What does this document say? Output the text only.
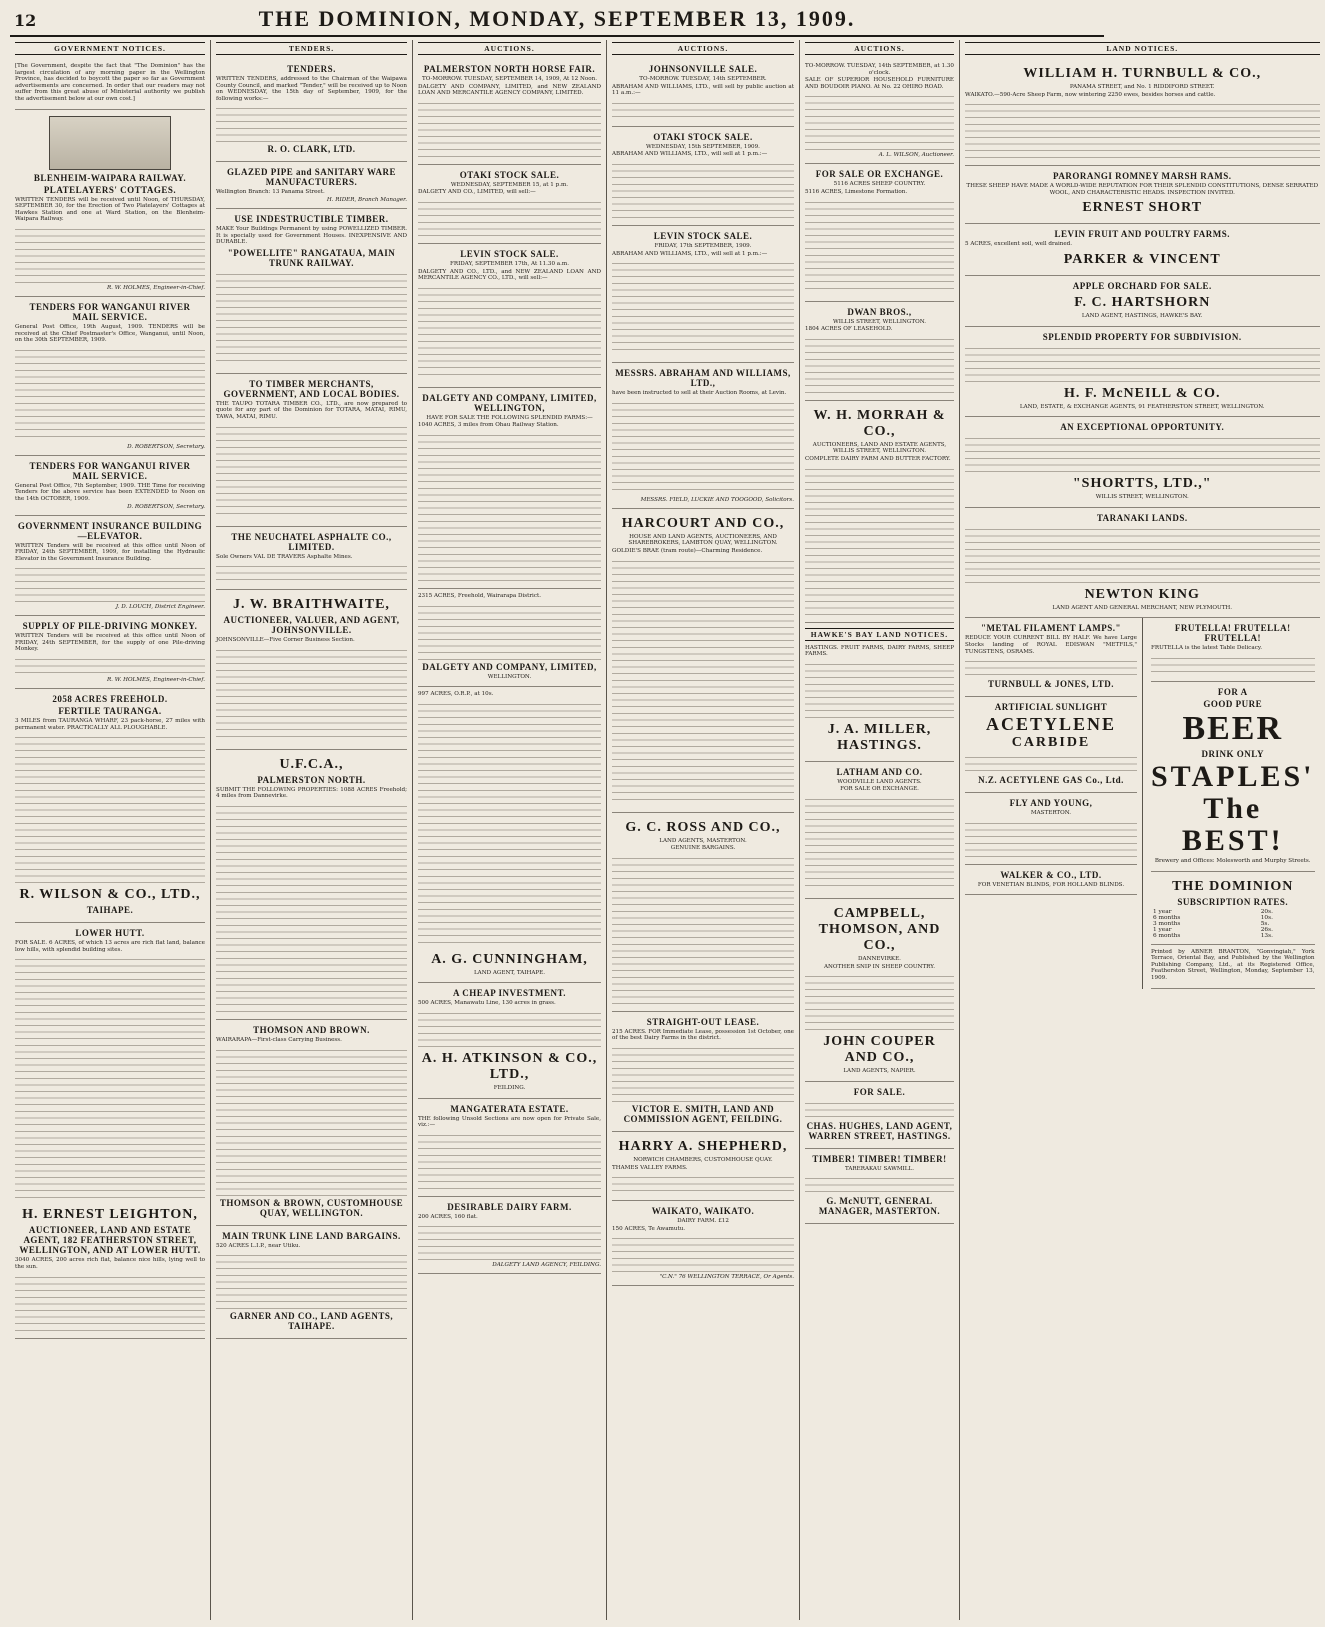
12	THE DOMINION, MONDAY, SEPTEMBER 13, 1909.
GOVERNMENT NOTICES.

[The Government, despite the fact that "The Dominion" has the largest circulation of any morning paper in the Wellington Province, has decided to boycott the paper so far as Government advertisements are concerned. In order that our readers may not suffer from this great abuse of Ministerial authority we publish the advertisement below at our own cost.]

BLENHEIM-WAIPARA RAILWAY.
PLATELAYERS' COTTAGES.

WRITTEN TENDERS will be received until Noon, of THURSDAY, SEPTEMBER 30, for the Erection of Two Platelayers' Cottages at Hawkes Station and one at Ward Station, on the Blenheim-Waipara Railway.

R. W. HOLMES, Engineer-in-Chief.
TENDERS FOR WANGANUI RIVER MAIL SERVICE.

General Post Office, 19th August, 1909. TENDERS will be received at the Chief Postmaster's Office, Wanganui, until Noon, on the 30th SEPTEMBER, 1909.

D. ROBERTSON, Secretary.
TENDERS FOR WANGANUI RIVER MAIL SERVICE.

General Post Office, 7th September, 1909. THE Time for receiving Tenders for the above service has been EXTENDED to Noon on the 14th OCTOBER, 1909.

D. ROBERTSON, Secretary.
GOVERNMENT INSURANCE BUILDING—ELEVATOR.

WRITTEN Tenders will be received at this office until Noon of FRIDAY, 24th SEPTEMBER, 1909, for installing the Hydraulic Elevator in the Government Insurance Building.

J. D. LOUCH, District Engineer.
SUPPLY OF PILE-DRIVING MONKEY.

WRITTEN Tenders will be received at this office until Noon of FRIDAY, 24th SEPTEMBER, for the supply of one Pile-driving Monkey.

R. W. HOLMES, Engineer-in-Chief.
2058 ACRES FREEHOLD.
FERTILE TAURANGA.

3 MILES from TAURANGA WHARF, 23 pack-horse, 27 miles with permanent water. PRACTICALLY ALL PLOUGHABLE.

R. WILSON & CO., LTD.,
TAIHAPE.
LOWER HUTT.

FOR SALE. 6 ACRES, of which 13 acres are rich flat land, balance low hills, with splendid building sites.

H. ERNEST LEIGHTON,
AUCTIONEER, LAND AND ESTATE AGENT, 182 FEATHERSTON STREET, WELLINGTON, AND AT LOWER HUTT.

3040 ACRES, 200 acres rich flat, balance nice hills, lying well to the sun.

TENDERS.
TENDERS.

WRITTEN TENDERS, addressed to the Chairman of the Waipawa County Council, and marked "Tender," will be received up to Noon on WEDNESDAY, the 15th day of September, 1909, for the following works:—

R. O. CLARK, LTD.
GLAZED PIPE and SANITARY WARE MANUFACTURERS.

Wellington Branch: 13 Panama Street.

H. RIDER, Branch Manager.
USE INDESTRUCTIBLE TIMBER.

MAKE Your Buildings Permanent by using POWELLIZED TIMBER. It is specially used for Government Houses. INEXPENSIVE AND DURABLE.

"POWELLITE" RANGATAUA, MAIN TRUNK RAILWAY.
TO TIMBER MERCHANTS, GOVERNMENT, AND LOCAL BODIES.

THE TAUPO TOTARA TIMBER CO., LTD., are now prepared to quote for any part of the Dominion for TOTARA, MATAI, RIMU, TAWA, MATAI, RIMU.

THE NEUCHATEL ASPHALTE CO., LIMITED.

Sole Owners VAL DE TRAVERS Asphalte Mines.

J. W. BRAITHWAITE,
AUCTIONEER, VALUER, AND AGENT, JOHNSONVILLE.

JOHNSONVILLE—Five Corner Business Section.

U.F.C.A.,
PALMERSTON NORTH.

SUBMIT THE FOLLOWING PROPERTIES: 1088 ACRES Freehold; 4 miles from Dannevirke.

THOMSON AND BROWN.

WAIRARAPA—First-class Carrying Business.

THOMSON & BROWN, CUSTOMHOUSE QUAY, WELLINGTON.
MAIN TRUNK LINE LAND BARGAINS.

520 ACRES L.I.P., near Utiku.

GARNER AND CO., LAND AGENTS, TAIHAPE.
AUCTIONS.
PALMERSTON NORTH HORSE FAIR.

TO-MORROW. TUESDAY, SEPTEMBER 14, 1909, At 12 Noon.

DALGETY AND COMPANY, LIMITED, and NEW ZEALAND LOAN AND MERCANTILE AGENCY COMPANY, LIMITED.

OTAKI STOCK SALE.

WEDNESDAY, SEPTEMBER 15, at 1 p.m.

DALGETY AND CO., LIMITED, will sell:—

LEVIN STOCK SALE.

FRIDAY, SEPTEMBER 17th, At 11.30 a.m.

DALGETY AND CO., LTD., and NEW ZEALAND LOAN AND MERCANTILE AGENCY CO., LTD., will sell:—

DALGETY AND COMPANY, LIMITED, WELLINGTON,

HAVE FOR SALE THE FOLLOWING SPLENDID FARMS:—

1040 ACRES, 3 miles from Ohau Railway Station.

2315 ACRES, Freehold, Wairarapa District.

DALGETY AND COMPANY, LIMITED,

WELLINGTON.

997 ACRES, O.R.P., at 10s.

A. G. CUNNINGHAM,

LAND AGENT, TAIHAPE.

A CHEAP INVESTMENT.

500 ACRES, Manawatu Line, 130 acres in grass.

A. H. ATKINSON & CO., LTD.,

FEILDING.

MANGATERATA ESTATE.

THE following Unsold Sections are now open for Private Sale, viz.:—

DESIRABLE DAIRY FARM.

200 ACRES, 160 flat.

DALGETY LAND AGENCY, FEILDING.
AUCTIONS.
JOHNSONVILLE SALE.

TO-MORROW. TUESDAY, 14th SEPTEMBER.

ABRAHAM AND WILLIAMS, LTD., will sell by public auction at 11 a.m.:—

OTAKI STOCK SALE.

WEDNESDAY, 15th SEPTEMBER, 1909.

ABRAHAM AND WILLIAMS, LTD., will sell at 1 p.m.:—

LEVIN STOCK SALE.

FRIDAY, 17th SEPTEMBER, 1909.

ABRAHAM AND WILLIAMS, LTD., will sell at 1 p.m.:—

MESSRS. ABRAHAM AND WILLIAMS, LTD.,

have been instructed to sell at their Auction Rooms, at Levin.

MESSRS. FIELD, LUCKIE AND TOOGOOD, Solicitors.
HARCOURT AND CO.,

HOUSE AND LAND AGENTS, AUCTIONEERS, AND SHAREBROKERS, LAMBTON QUAY, WELLINGTON.

GOLDIE'S BRAE (tram route)—Charming Residence.

G. C. ROSS AND CO.,

LAND AGENTS, MASTERTON.

GENUINE BARGAINS.

STRAIGHT-OUT LEASE.

215 ACRES. FOR Immediate Lease, possession 1st October, one of the best Dairy Farms in the district.

VICTOR E. SMITH, LAND AND COMMISSION AGENT, FEILDING.
HARRY A. SHEPHERD,

NORWICH CHAMBERS, CUSTOMHOUSE QUAY.

THAMES VALLEY FARMS.

WAIKATO, WAIKATO.

DAIRY FARM. £12

150 ACRES, Te Awamutu.

"C.N." 76 WELLINGTON TERRACE, Or Agents.
AUCTIONS.

TO-MORROW. TUESDAY, 14th SEPTEMBER, at 1.30 o'clock.

SALE OF SUPERIOR HOUSEHOLD FURNITURE AND BOUDOIR PIANO. At No. 22 OHIRO ROAD.

A. L. WILSON, Auctioneer.
FOR SALE OR EXCHANGE.

5116 ACRES SHEEP COUNTRY.

5116 ACRES, Limestone Formation.

DWAN BROS.,

WILLIS STREET, WELLINGTON.

1804 ACRES OF LEASEHOLD.

W. H. MORRAH & CO.,

AUCTIONEERS, LAND AND ESTATE AGENTS, WILLIS STREET, WELLINGTON.

COMPLETE DAIRY FARM AND BUTTER FACTORY.

HAWKE'S BAY LAND NOTICES.

HASTINGS. FRUIT FARMS, DAIRY FARMS, SHEEP FARMS.

J. A. MILLER, HASTINGS.
LATHAM AND CO.

WOODVILLE LAND AGENTS.

FOR SALE OR EXCHANGE.

CAMPBELL, THOMSON, AND CO.,

DANNEVIRKE.

ANOTHER SNIP IN SHEEP COUNTRY.

JOHN COUPER AND CO.,

LAND AGENTS, NAPIER.

FOR SALE.
CHAS. HUGHES, LAND AGENT, WARREN STREET, HASTINGS.
TIMBER! TIMBER! TIMBER!

TARERAKAU SAWMILL.

G. McNUTT, GENERAL MANAGER, MASTERTON.
LAND NOTICES.
WILLIAM H. TURNBULL & CO.,

PANAMA STREET, and No. 1 RIDDIFORD STREET.

WAIKATO.—590-Acre Sheep Farm, now wintering 2250 ewes, besides horses and cattle.

PARORANGI ROMNEY MARSH RAMS.

THESE SHEEP HAVE MADE A WORLD-WIDE REPUTATION FOR THEIR SPLENDID CONSTITUTIONS, DENSE SERRATED WOOL, AND CHARACTERISTIC HEADS. INSPECTION INVITED.

ERNEST SHORT
LEVIN FRUIT AND POULTRY FARMS.

5 ACRES, excellent soil, well drained.

PARKER & VINCENT
APPLE ORCHARD FOR SALE.
F. C. HARTSHORN

LAND AGENT, HASTINGS, HAWKE'S BAY.

SPLENDID PROPERTY FOR SUBDIVISION.
H. F. McNEILL & CO.

LAND, ESTATE, & EXCHANGE AGENTS, 91 FEATHERSTON STREET, WELLINGTON.

AN EXCEPTIONAL OPPORTUNITY.
"SHORTTS, LTD.,"

WILLIS STREET, WELLINGTON.

TARANAKI LANDS.
NEWTON KING

LAND AGENT AND GENERAL MERCHANT, NEW PLYMOUTH.

"METAL FILAMENT LAMPS."

REDUCE YOUR CURRENT BILL BY HALF. We have Large Stocks landing of ROYAL EDISWAN "METFILS," TUNGSTENS, OSRAMS.

TURNBULL & JONES, LTD.
ARTIFICIAL SUNLIGHT
ACETYLENE
CARBIDE
N.Z. ACETYLENE GAS Co., Ltd.
FLY AND YOUNG,

MASTERTON.

WALKER & CO., LTD.

FOR VENETIAN BLINDS, FOR HOLLAND BLINDS.

FRUTELLA! FRUTELLA! FRUTELLA!

FRUTELLA is the latest Table Delicacy.

FOR A
GOOD PURE
BEER
DRINK ONLY
STAPLES'
The BEST!

Brewery and Offices: Molesworth and Murphy Streets.

THE DOMINION
SUBSCRIPTION RATES.
1 year	20s.
6 months	10s.
3 months	5s.
1 year	26s.
6 months	13s.

Printed by ABNER BRANTON, "Gonvingiah," York Terrace, Oriental Bay, and Published by the Wellington Publishing Company, Ltd., at its Registered Office, Featherston Street, Wellington, Monday, September 13, 1909.
